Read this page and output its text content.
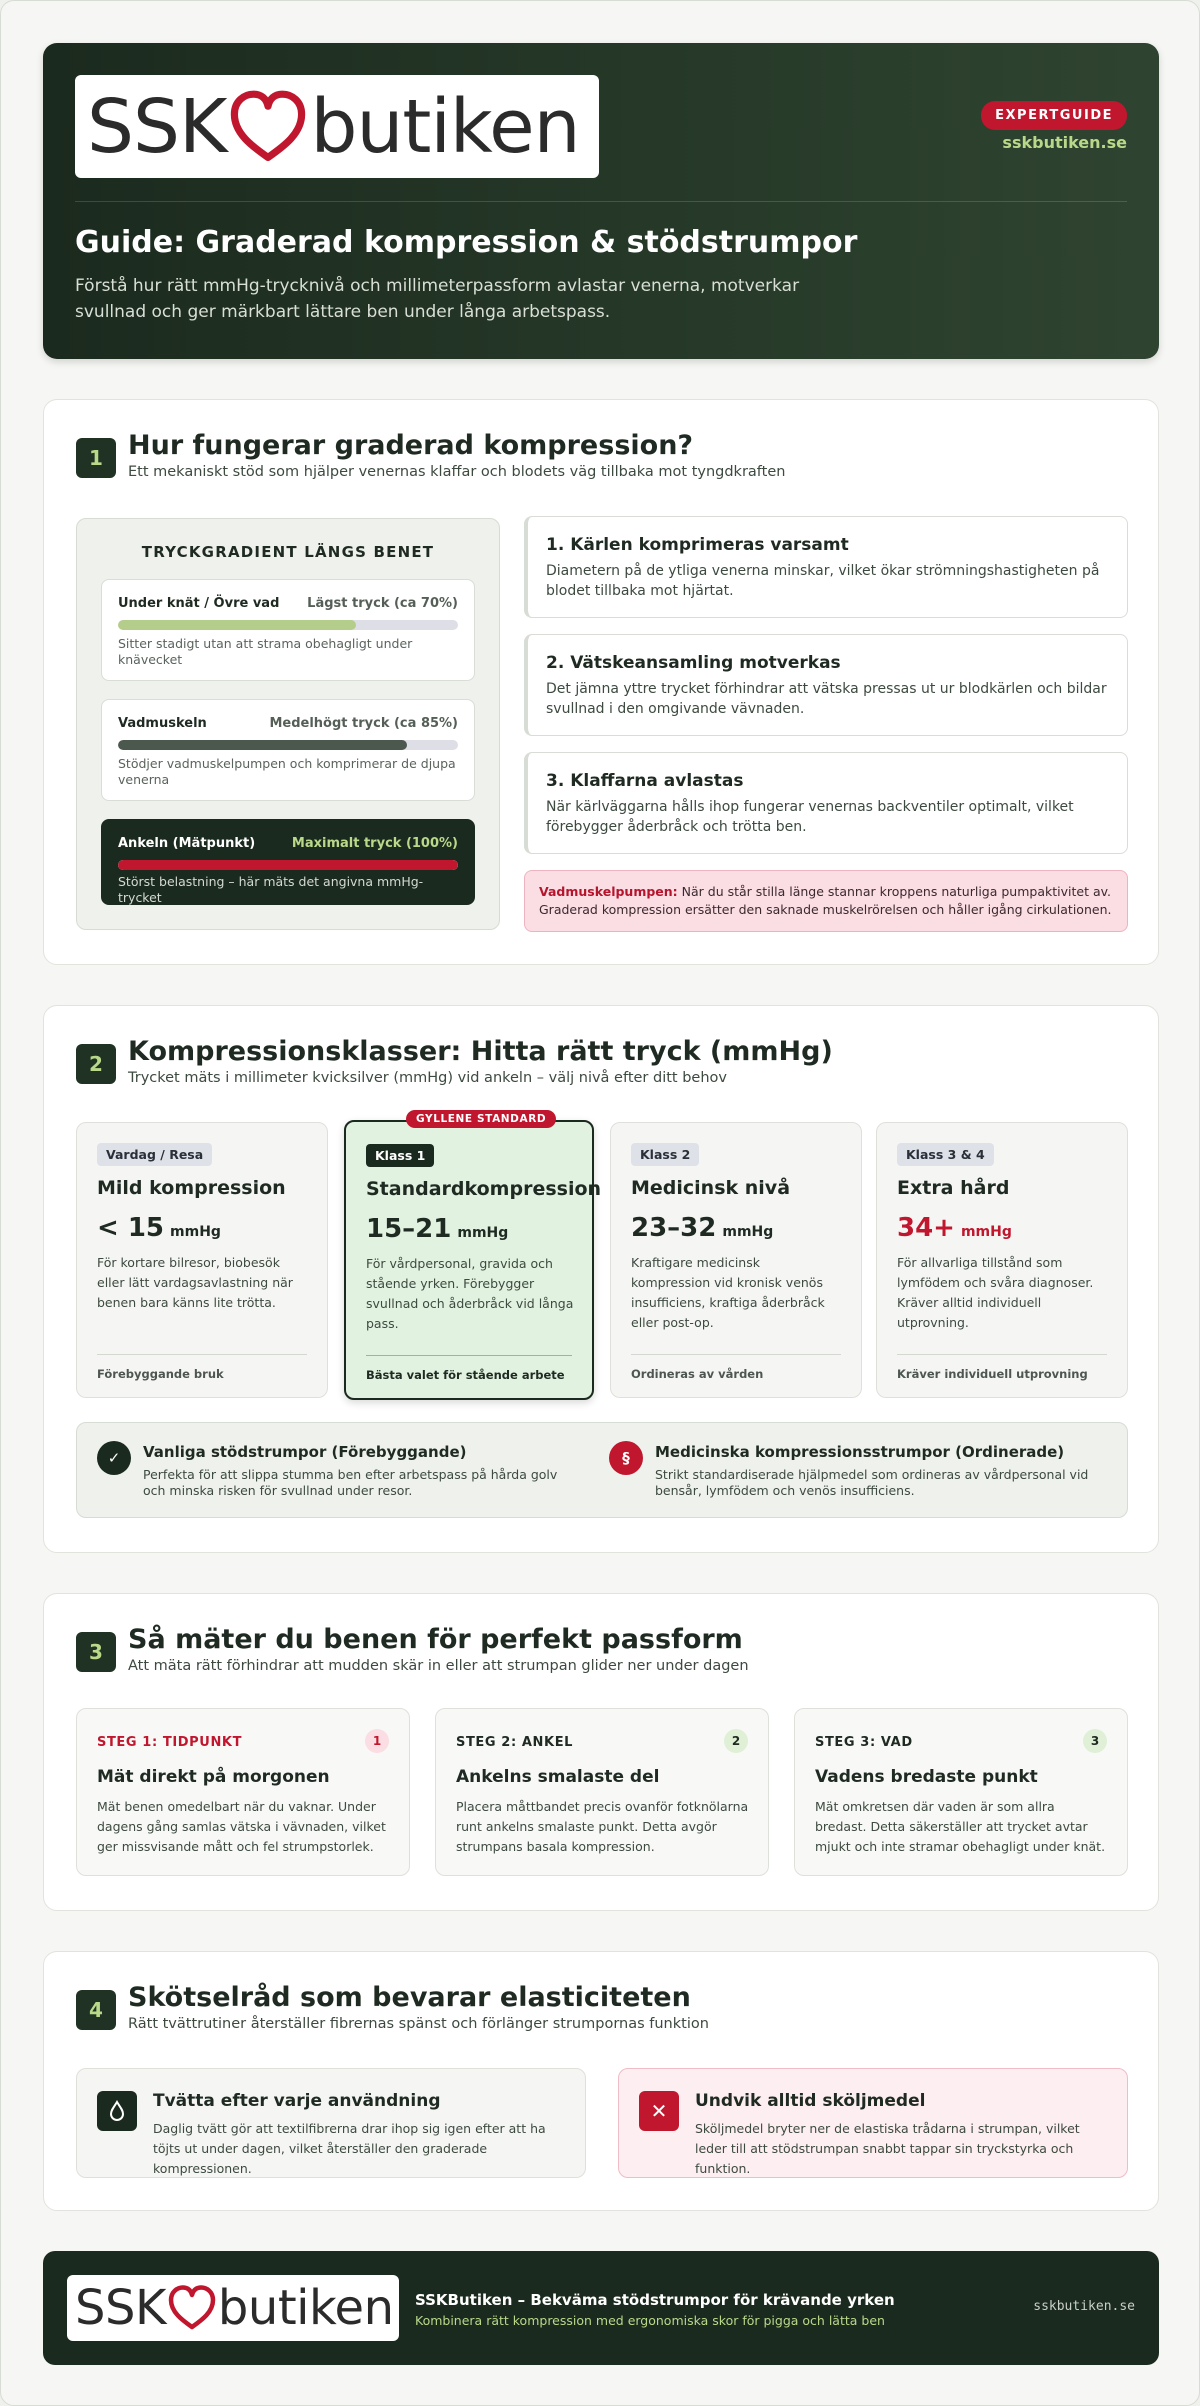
SSK butiken	EXPERTGUIDE
sskbutiken.se
Guide: Graderad kompression & stödstrumpor
Förstå hur rätt mmHg-trycknivå och millimeterpassform avlastar venerna, motverkar svullnad och ger märkbart lättare ben under långa arbetspass.
1 Hur fungerar graderad kompression?
Ett mekaniskt stöd som hjälper venernas klaffar och blodets väg tillbaka mot tyngdkraften
TRYCKGRADIENT LÄNGS BENET
Under knät / Övre vad Lägst tryck (ca 70%)
Sitter stadigt utan att strama obehagligt under knävecket
Vadmuskeln	Medelhögt tryck (ca 85%)
Stödjer vadmuskelpumpen och komprimerar de djupa venerna
Ankeln (Mätpunkt)	Maximalt tryck (100%)
Störst belastning – här mäts det angivna mmHg-trycket
1. Kärlen komprimeras varsamt

Diametern på de ytliga venerna minskar, vilket ökar strömningshastigheten på blodet tillbaka mot hjärtat.

2. Vätskeansamling motverkas

Det jämna yttre trycket förhindrar att vätska pressas ut ur blodkärlen och bildar svullnad i den omgivande vävnaden.

3. Klaffarna avlastas

När kärlväggarna hålls ihop fungerar venernas backventiler optimalt, vilket förebygger åderbråck och trötta ben.

Vadmuskelpumpen: När du står stilla länge stannar kroppens naturliga pumpaktivitet av. Graderad kompression ersätter den saknade muskelrörelsen och håller igång cirkulationen.
2 Kompressionsklasser: Hitta rätt tryck (mmHg)
Trycket mäts i millimeter kvicksilver (mmHg) vid ankeln – välj nivå efter ditt behov
GYLLENE STANDARD
Vardag / Resa
Mild kompression
< 15 mmHg
För kortare bilresor, biobesök eller lätt vardagsavlastning när benen bara känns lite trötta.
Förebyggande bruk
Klass 1
Standardkompression
15–21 mmHg
För vårdpersonal, gravida och stående yrken. Förebygger svullnad och åderbråck vid långa pass.
Bästa valet för stående arbete
Klass 2
Medicinsk nivå
23–32 mmHg
Kraftigare medicinsk kompression vid kronisk venös insufficiens, kraftiga åderbråck eller post-op.
Ordineras av vården
Klass 3 & 4
Extra hård
34+ mmHg
För allvarliga tillstånd som lymfödem och svåra diagnoser. Kräver alltid individuell utprovning.
Kräver individuell utprovning
✓	Vanliga stödstrumpor (Förebyggande)

Perfekta för att slippa stumma ben efter arbetspass på hårda golv och minska risken för svullnad under resor.

§	Medicinska kompressionsstrumpor (Ordinerade)

Strikt standardiserade hjälpmedel som ordineras av vårdpersonal vid bensår, lymfödem och venös insufficiens.

3 Så mäter du benen för perfekt passform
Att mäta rätt förhindrar att mudden skär in eller att strumpan glider ner under dagen
STEG 1: TIDPUNKT	1
Mät direkt på morgonen
Mät benen omedelbart när du vaknar. Under dagens gång samlas vätska i vävnaden, vilket ger missvisande mått och fel strumpstorlek.
STEG 2: ANKEL	2
Ankelns smalaste del
Placera måttbandet precis ovanför fotknölarna runt ankelns smalaste punkt. Detta avgör strumpans basala kompression.
STEG 3: VAD	3
Vadens bredaste punkt
Mät omkretsen där vaden är som allra bredast. Detta säkerställer att trycket avtar mjukt och inte stramar obehagligt under knät.
4 Skötselråd som bevarar elasticiteten
Rätt tvättrutiner återställer fibrernas spänst och förlänger strumpornas funktion
Tvätta efter varje användning

Daglig tvätt gör att textilfibrerna drar ihop sig igen efter att ha töjts ut under dagen, vilket återställer den graderade kompressionen.

✕	Undvik alltid sköljmedel

Sköljmedel bryter ner de elastiska trådarna i strumpan, vilket leder till att stödstrumpan snabbt tappar sin tryckstyrka och funktion.

SSK butiken SSKButiken – Bekväma stödstrumpor för krävande yrken
Kombinera rätt kompression med ergonomiska skor för pigga och lätta ben
sskbutiken.se
